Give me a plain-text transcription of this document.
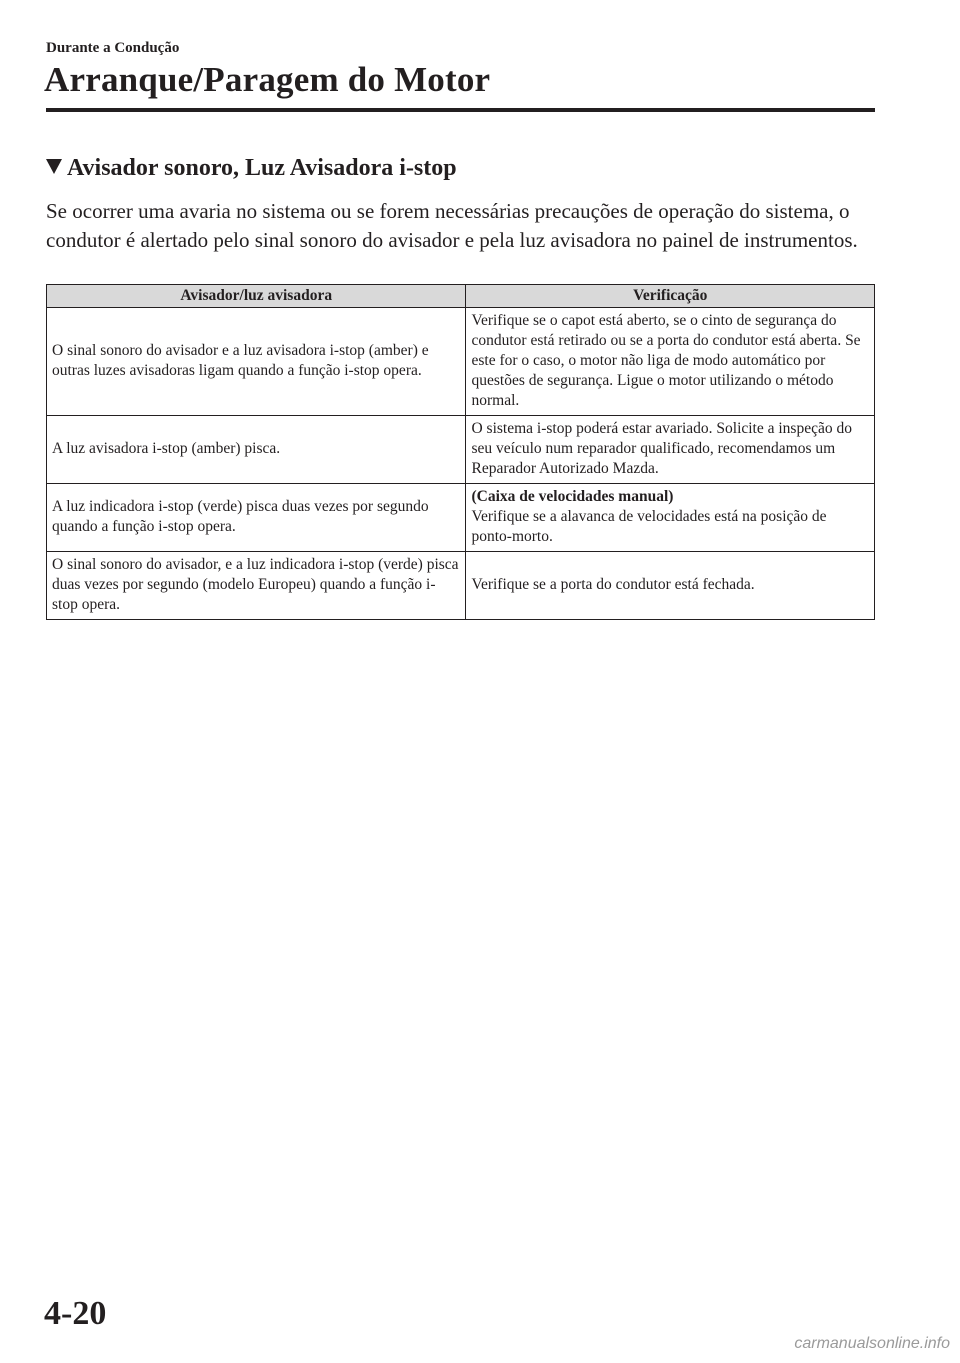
Durante a Condução
Arranque/Paragem do Motor
Avisador sonoro, Luz Avisadora i-stop

Se ocorrer uma avaria no sistema ou se forem necessárias precauções de operação do sistema, o condutor é alertado pelo sinal sonoro do avisador e pela luz avisadora no painel de instrumentos.

Avisador/luz avisadora	Verificação
O sinal sonoro do avisador e a luz avisadora i-stop (amber) e outras luzes avisadoras ligam quando a função i-stop opera.	Verifique se o capot está aberto, se o cinto de segurança do condutor está retirado ou se a porta do condutor está aberta. Se este for o caso, o motor não liga de modo automático por questões de segurança. Ligue o motor utilizando o método normal.
A luz avisadora i-stop (amber) pisca.	O sistema i-stop poderá estar avariado. Solicite a inspeção do seu veículo num reparador qualificado, recomendamos um Reparador Autorizado Mazda.
A luz indicadora i-stop (verde) pisca duas vezes por segundo quando a função i-stop opera.	(Caixa de velocidades manual)
Verifique se a alavanca de velocidades está na posição de ponto-morto.
O sinal sonoro do avisador, e a luz indicadora i-stop (verde) pisca duas vezes por segundo (modelo Europeu) quando a função i-stop opera.	Verifique se a porta do condutor está fechada.
4-20
carmanualsonline.info
